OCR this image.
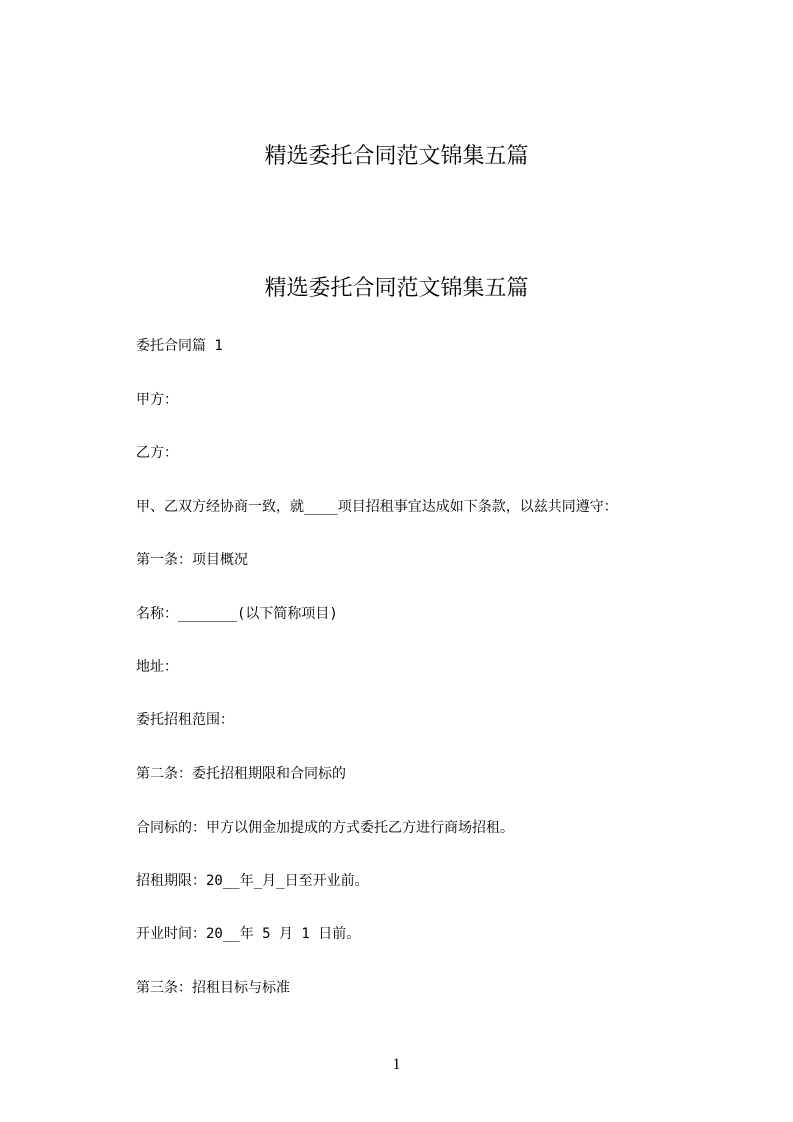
精选委托合同范文锦集五篇
精选委托合同范文锦集五篇

委托合同篇 1

甲方：

乙方：

甲、乙双方经协商一致，就____项目招租事宜达成如下条款，以兹共同遵守：

第一条：项目概况

名称：_______(以下简称项目)

地址：

委托招租范围：

第二条：委托招租期限和合同标的

合同标的：甲方以佣金加提成的方式委托乙方进行商场招租。

招租期限：20__年_月_日至开业前。

开业时间：20__年 5 月 1 日前。

第三条：招租目标与标准

1
